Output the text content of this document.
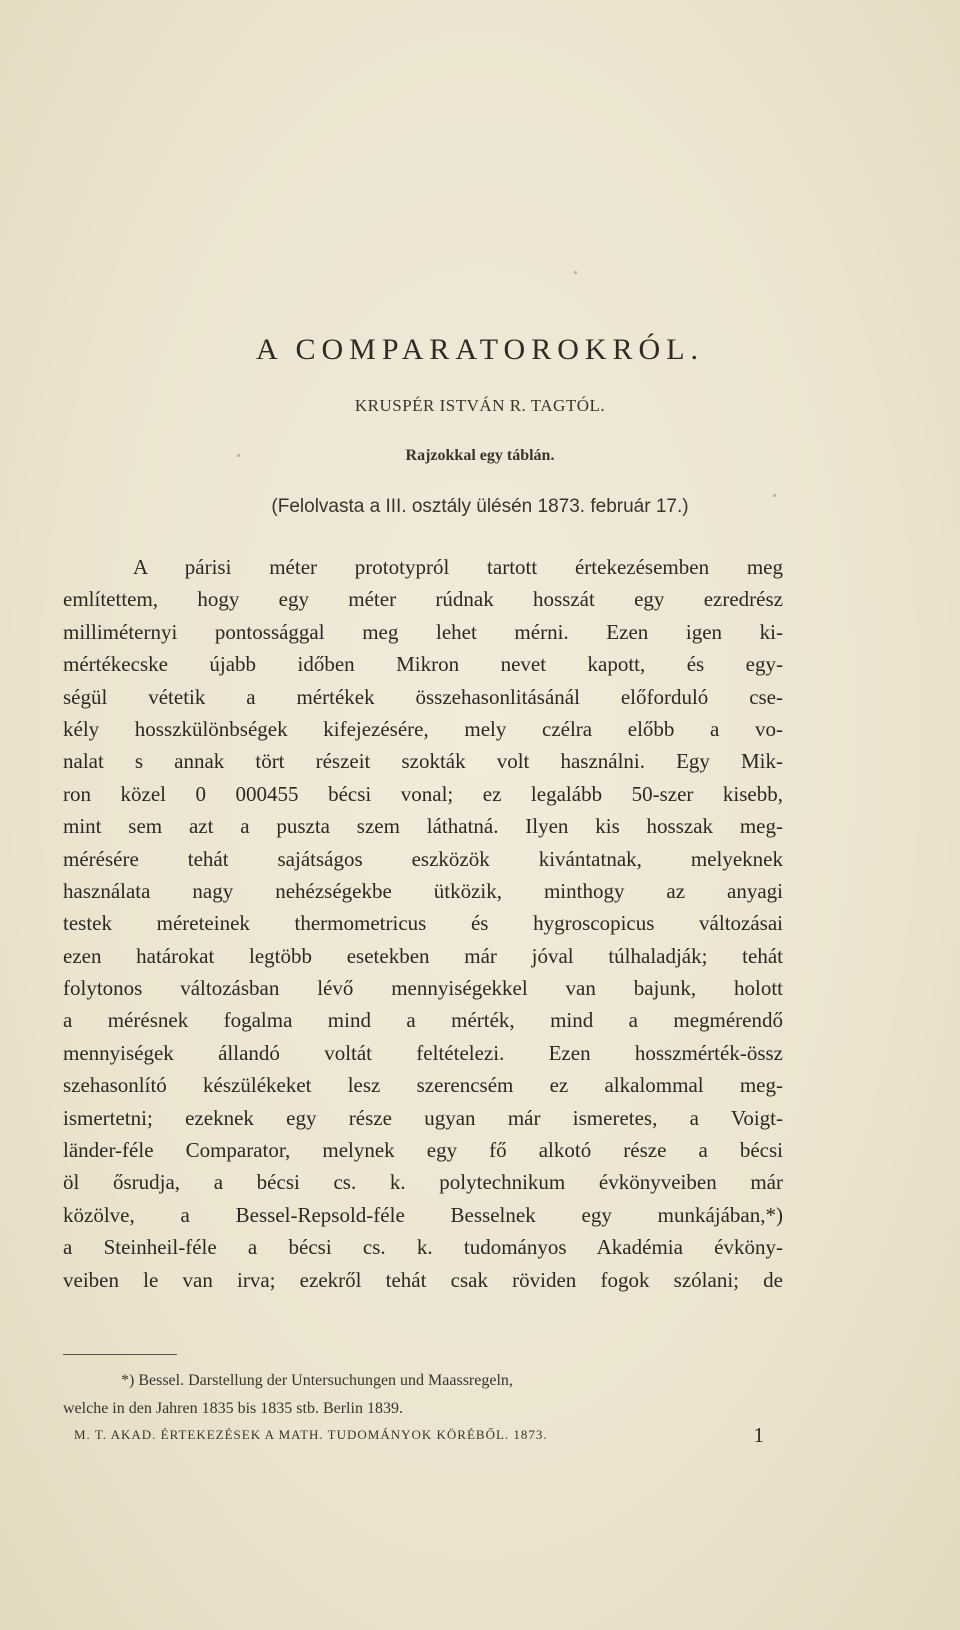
A COMPARATOROKRÓL.
KRUSPÉR ISTVÁN R. TAGTÓL.
Rajzokkal egy táblán.
(Felolvasta a III. osztály ülésén 1873. február 17.)
A párisi méter prototypról tartott értekezésemben meg
említettem, hogy egy méter rúdnak hosszát egy ezredrész
milliméternyi pontossággal meg lehet mérni. Ezen igen ki-
mértékecske újabb időben Mikron nevet kapott, és egy-
ségül vétetik a mértékek összehasonlitásánál előforduló cse-
kély hosszkülönbségek kifejezésére, mely czélra előbb a vo-
nalat s annak tört részeit szokták volt használni. Egy Mik-
ron közel 0 000455 bécsi vonal; ez legalább 50-szer kisebb,
mint sem azt a puszta szem láthatná. Ilyen kis hosszak meg-
mérésére tehát sajátságos eszközök kivántatnak, melyeknek
használata nagy nehézségekbe ütközik, minthogy az anyagi
testek méreteinek thermometricus és hygroscopicus változásai
ezen határokat legtöbb esetekben már jóval túlhaladják; tehát
folytonos változásban lévő mennyiségekkel van bajunk, holott
a mérésnek fogalma mind a mérték, mind a megmérendő
mennyiségek állandó voltát feltételezi. Ezen hosszmérték-össz
szehasonlító készülékeket lesz szerencsém ez alkalommal meg-
ismertetni; ezeknek egy része ugyan már ismeretes, a Voigt-
länder-féle Comparator, melynek egy fő alkotó része a bécsi
öl ősrudja, a bécsi cs. k. polytechnikum évkönyveiben már
közölve, a Bessel-Repsold-féle Besselnek egy munkájában,*)
a Steinheil-féle a bécsi cs. k. tudományos Akadémia évköny-
veiben le van irva; ezekről tehát csak röviden fogok szólani; de
*) Bessel. Darstellung der Untersuchungen und Maassregeln,
welche in den Jahren 1835 bis 1835 stb. Berlin 1839.
M. T. AKAD. ÉRTEKEZÉSEK A MATH. TUDOMÁNYOK KÖRÉBŐL. 1873.	1
